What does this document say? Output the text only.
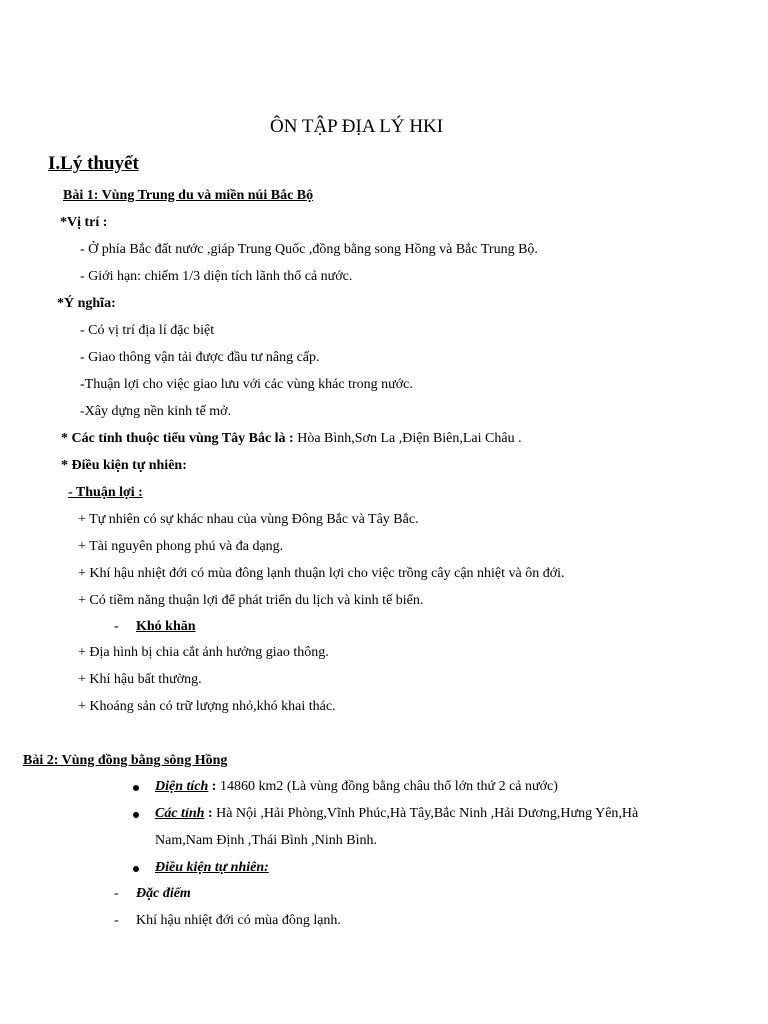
ÔN TẬP ĐỊA LÝ HKI
I.Lý thuyết
Bài 1: Vùng Trung du và miền núi Bắc Bộ
*Vị trí :
- Ở phía Bắc đất nước ,giáp Trung Quốc ,đồng bằng song Hồng và Bắc Trung Bộ.
- Giới hạn: chiếm 1/3 diện tích lãnh thổ cả nước.
*Ý nghĩa:
- Có vị trí địa lí đặc biệt
- Giao thông vận tải được đầu tư nâng cấp.
-Thuận lợi cho việc giao lưu với các vùng khác trong nước.
-Xây dựng nền kinh tế mở.
* Các tỉnh thuộc tiểu vùng Tây Bắc là : Hòa Bình,Sơn La ,Điện Biên,Lai Châu .
* Điều kiện tự nhiên:
- Thuận lợi :
+ Tự nhiên có sự khác nhau của vùng Đông Bắc và Tây Bắc.
+ Tài nguyên phong phú và đa dạng.
+ Khí hậu nhiệt đới có mùa đông lạnh thuận lợi cho việc trồng cây cận nhiệt và ôn đới.
+ Có tiềm năng thuận lợi để phát triển du lịch và kinh tế biển.
- Khó khăn
+ Địa hình bị chia cắt ảnh hưởng giao thông.
+ Khí hậu bất thường.
+ Khoáng sản có trữ lượng nhỏ,khó khai thác.
Bài 2: Vùng đồng bằng sông Hồng
Diện tích : 14860 km2 (Là vùng đồng bằng châu thổ lớn thứ 2 cả nước)
Các tỉnh : Hà Nội ,Hải Phòng,Vĩnh Phúc,Hà Tây,Bắc Ninh ,Hải Dương,Hưng Yên,Hà
Nam,Nam Định ,Thái Bình ,Ninh Bình.
Điều kiện tự nhiên:
- Đặc điểm
- Khí hậu nhiệt đới có mùa đông lạnh.
